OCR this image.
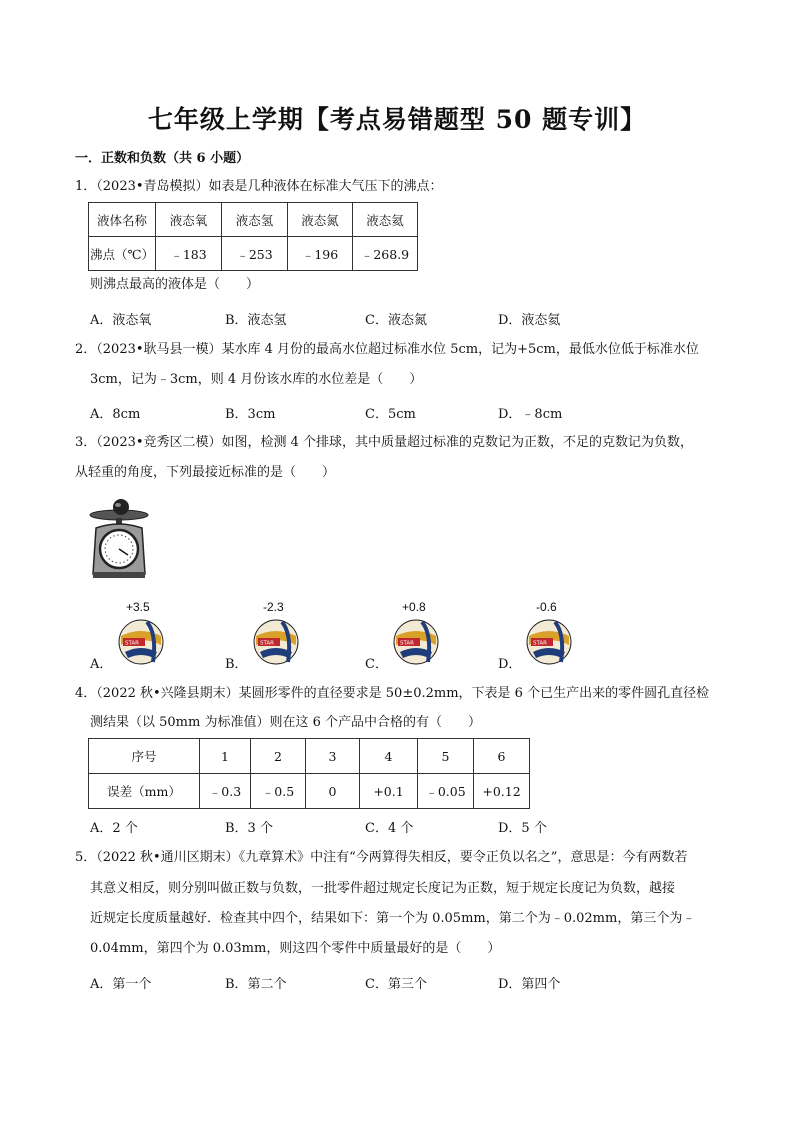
七年级上学期【考点易错题型 50 题专训】
一．正数和负数（共 6 小题）
1．（2023•青岛模拟）如表是几种液体在标准大气压下的沸点：
液体名称	液态氧	液态氢	液态氮	液态氦
沸点（℃）	﹣183	﹣253	﹣196	﹣268.9
则沸点最高的液体是（　　）
A．液态氧	B．液态氢	C．液态氮	D．液态氦
2．（2023•耿马县一模）某水库 4 月份的最高水位超过标准水位 5cm，记为+5cm，最低水位低于标准水位
3cm，记为﹣3cm，则 4 月份该水库的水位差是（　　）
A．8cm	B．3cm	C．5cm	D．﹣8cm
3．（2023•竞秀区二模）如图，检测 4 个排球，其中质量超过标准的克数记为正数，不足的克数记为负数，
从轻重的角度，下列最接近标准的是（　　）
A．
+3.5
STAR
B．
-2.3
STAR
C．
+0.8
STAR
D．
-0.6
STAR
4．（2022 秋•兴隆县期末）某圆形零件的直径要求是 50±0.2mm，下表是 6 个已生产出来的零件圆孔直径检
测结果（以 50mm 为标准值）则在这 6 个产品中合格的有（　　）
序号	1	2	3	4	5	6
误差（mm）	﹣0.3	﹣0.5	0	+0.1	﹣0.05	+0.12
A．2 个	B．3 个	C．4 个	D．5 个
5．（2022 秋•通川区期末）《九章算术》中注有“今两算得失相反，要令正负以名之”，意思是：今有两数若
其意义相反，则分别叫做正数与负数，一批零件超过规定长度记为正数，短于规定长度记为负数，越接
近规定长度质量越好．检查其中四个，结果如下：第一个为 0.05mm，第二个为﹣0.02mm，第三个为﹣
0.04mm，第四个为 0.03mm，则这四个零件中质量最好的是（　　）
A．第一个	B．第二个	C．第三个	D．第四个
